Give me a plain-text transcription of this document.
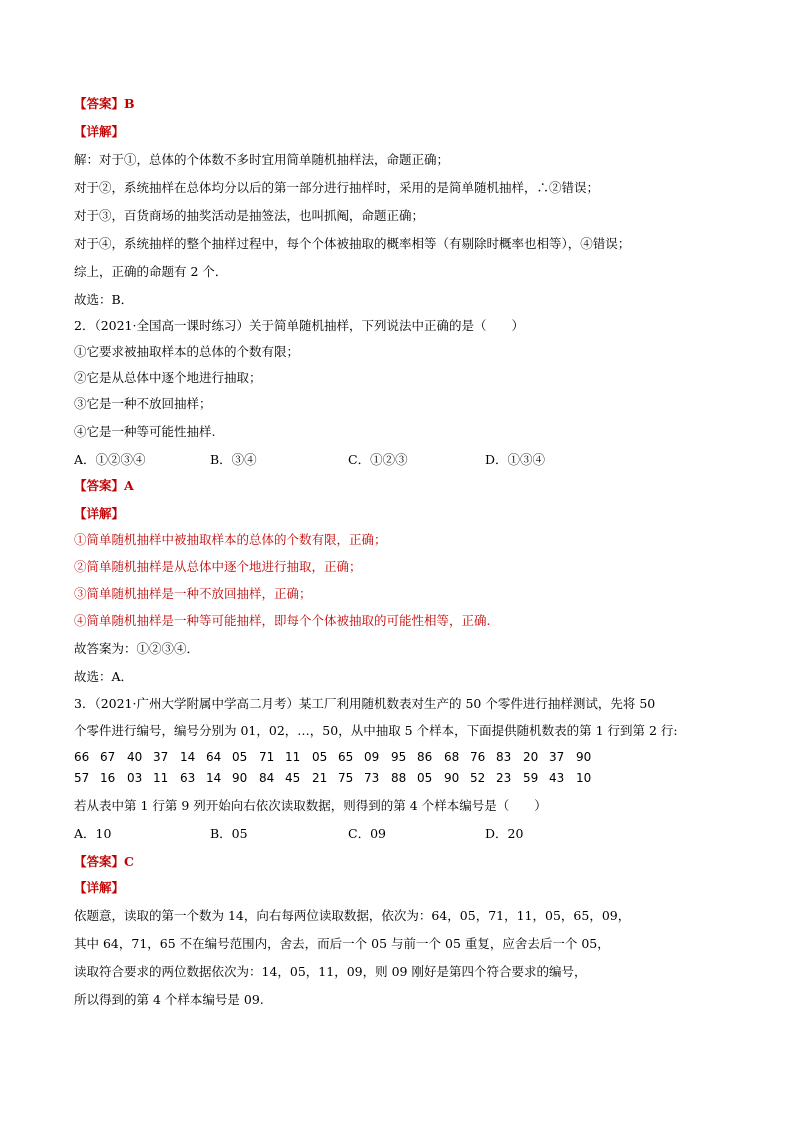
【答案】B
【详解】
解：对于①，总体的个体数不多时宜用简单随机抽样法，命题正确；
对于②，系统抽样在总体均分以后的第一部分进行抽样时，采用的是简单随机抽样，∴②错误；
对于③，百货商场的抽奖活动是抽签法，也叫抓阄，命题正确；
对于④，系统抽样的整个抽样过程中，每个个体被抽取的概率相等（有剔除时概率也相等），④错误；
综上，正确的命题有 2 个．
故选：B．
2．（2021·全国高一课时练习）关于简单随机抽样，下列说法中正确的是（　　）
①它要求被抽取样本的总体的个数有限；
②它是从总体中逐个地进行抽取；
③它是一种不放回抽样；
④它是一种等可能性抽样.
A．①②③④	B．③④	C．①②③	D．①③④
【答案】A
【详解】
①简单随机抽样中被抽取样本的总体的个数有限，正确；
②简单随机抽样是从总体中逐个地进行抽取，正确；
③简单随机抽样是一种不放回抽样，正确；
④简单随机抽样是一种等可能抽样，即每个个体被抽取的可能性相等，正确.
故答案为：①②③④．
故选：A．
3．（2021·广州大学附属中学高二月考）某工厂利用随机数表对生产的 50 个零件进行抽样测试，先将 50
个零件进行编号，编号分别为 01，02，…，50，从中抽取 5 个样本，下面提供随机数表的第 1 行到第 2 行:
66 67 40 37 14 64 05 71 11 05 65 09 95 86 68 76 83 20 37 90
57 16 03 11 63 14 90 84 45 21 75 73 88 05 90 52 23 59 43 10
若从表中第 1 行第 9 列开始向右依次读取数据，则得到的第 4 个样本编号是（　　）
A．10	B．05	C．09	D．20
【答案】C
【详解】
依题意，读取的第一个数为 14，向右每两位读取数据，依次为：64，05，71，11，05，65，09，
其中 64，71，65 不在编号范围内，舍去，而后一个 05 与前一个 05 重复，应舍去后一个 05，
读取符合要求的两位数据依次为：14，05，11，09，则 09 刚好是第四个符合要求的编号，
所以得到的第 4 个样本编号是 09.
